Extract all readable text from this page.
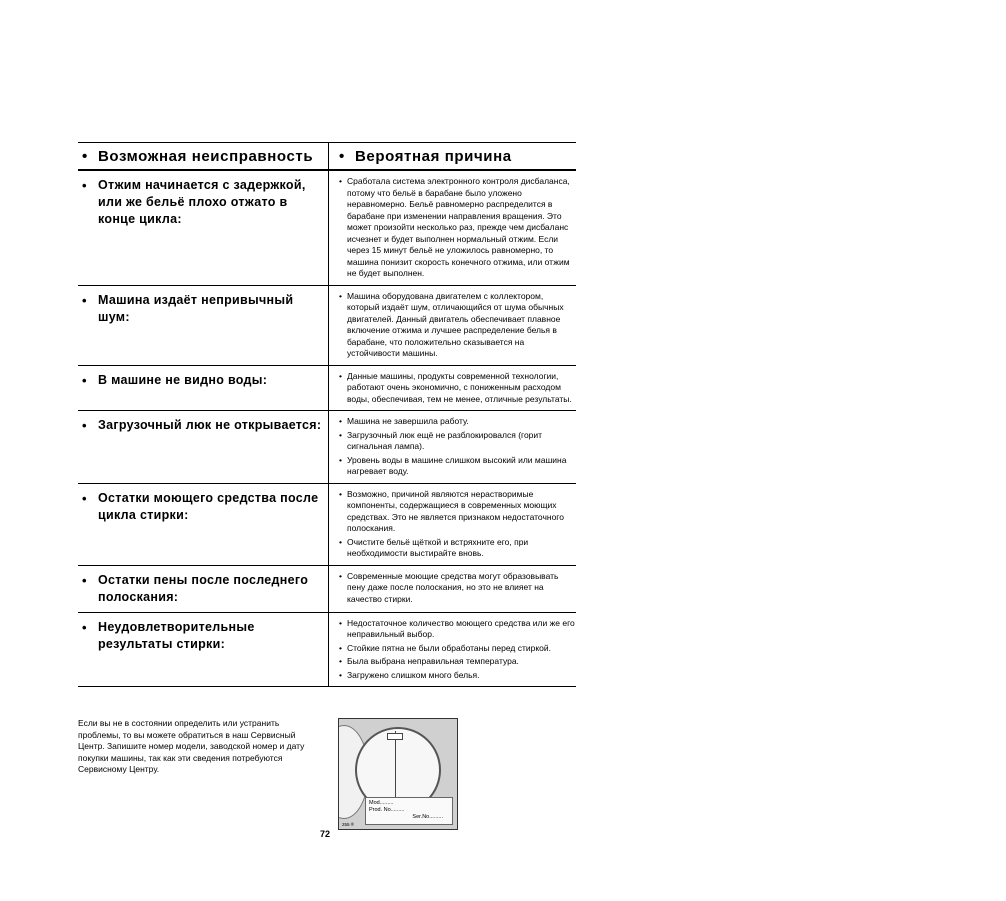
• Возможная неисправность	• Вероятная причина
• Отжим начинается с задержкой, или же бельё плохо отжато в конце цикла:
• Сработала система электронного контроля дисбаланса, потому что бельё в барабане было уложено неравномерно. Бельё равномерно распределится в барабане при изменении направления вращения. Это может произойти несколько раз, прежде чем дисбаланс исчезнет и будет выполнен нормальный отжим. Если через 15 минут бельё не уложилось равномерно, то машина понизит скорость конечного отжима, или отжим не будет выполнен.
• Машина издаёт непривычный шум:
• Машина оборудована двигателем с коллектором, который издаёт шум, отличающийся от шума обычных двигателей. Данный двигатель обеспечивает плавное включение отжима и лучшее распределение белья в барабане, что положительно сказывается на устойчивости машины.
• В машине не видно воды:	• Данные машины, продукты современной технологии, работают очень экономично, с пониженным расходом воды, обеспечивая, тем не менее, отличные результаты.
• Загрузочный люк не открывается: • Машина не завершила работу.
• Загрузочный люк ещё не разблокировался (горит сигнальная лампа).
• Уровень воды в машине слишком высокий или машина нагревает воду.
• Остатки моющего средства после цикла стирки:
• Возможно, причиной являются нерастворимые компоненты, содержащиеся в современных моющих средствах. Это не является признаком недостаточного полоскания.
• Очистите бельё щёткой и встряхните его, при необходимости выстирайте вновь.
• Остатки пены после последнего полоскания:
• Современные моющие средства могут образовывать пену даже после полоскания, но это не влияет на качество стирки.
• Неудовлетворительные результаты стирки:
• Недостаточное количество моющего средства или же его неправильный выбор.
• Стойкие пятна не были обработаны перед стиркой.
• Была выбрана неправильная температура.
• Загружено слишком много белья.
Если вы не в состоянии определить или устранить проблемы, то вы можете обратиться в наш Сервисный Центр. Запишите номер модели, заводской номер и дату покупки машины, так как эти сведения потребуются Сервисному Центру.
Mod.........
Prod. No.........
Ser.No.........
255 ®
72
